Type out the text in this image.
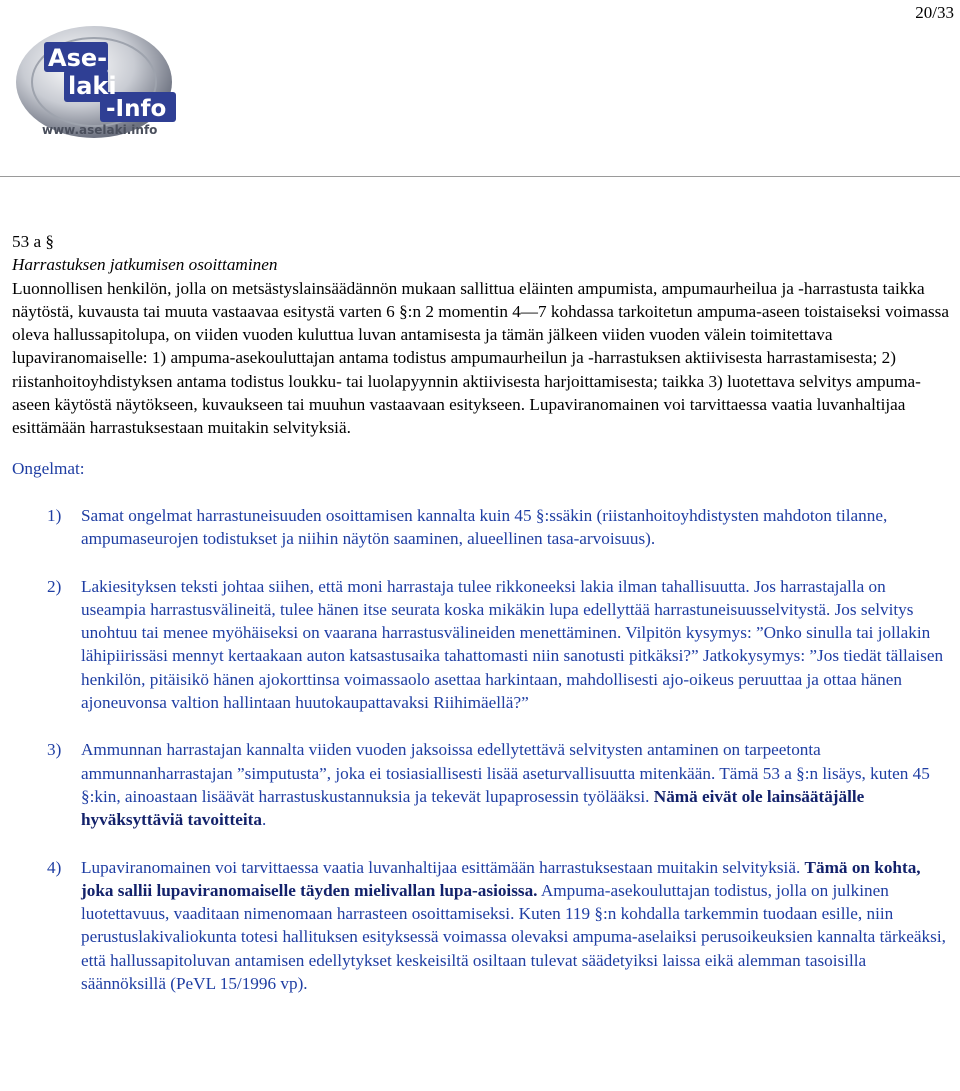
20/33
Ase-
laki
-Info
www.aselaki.info

53 a §

Harrastuksen jatkumisen osoittaminen

Luonnollisen henkilön, jolla on metsästyslainsäädännön mukaan sallittua eläinten ampumista, ampumaurheilua ja -harrastusta taikka näytöstä, kuvausta tai muuta vastaavaa esitystä varten 6 §:n 2 momentin 4—7 kohdassa tarkoitetun ampuma-aseen toistaiseksi voimassa oleva hallussapitolupa, on viiden vuoden kuluttua luvan antamisesta ja tämän jälkeen viiden vuoden välein toimitettava lupaviranomaiselle: 1) ampuma-asekouluttajan antama todistus ampumaurheilun ja -harrastuksen aktiivisesta harrastamisesta; 2) riistanhoitoyhdistyksen antama todistus loukku- tai luolapyynnin aktiivisesta harjoittamisesta; taikka 3) luotettava selvitys ampuma-aseen käytöstä näytökseen, kuvaukseen tai muuhun vastaavaan esitykseen. Lupaviranomainen voi tarvittaessa vaatia luvanhaltijaa esittämään harrastuksestaan muitakin selvityksiä.

Ongelmat:

1) Samat ongelmat harrastuneisuuden osoittamisen kannalta kuin 45 §:ssäkin (riistanhoitoyhdistysten mahdoton tilanne, ampumaseurojen todistukset ja niihin näytön saaminen, alueellinen tasa-arvoisuus).
2) Lakiesityksen teksti johtaa siihen, että moni harrastaja tulee rikkoneeksi lakia ilman tahallisuutta. Jos harrastajalla on useampia harrastusvälineitä, tulee hänen itse seurata koska mikäkin lupa edellyttää harrastuneisuusselvitystä. Jos selvitys unohtuu tai menee myöhäiseksi on vaarana harrastusvälineiden menettäminen. Vilpitön kysymys: ”Onko sinulla tai jollakin lähipiirissäsi mennyt kertaakaan auton katsastusaika tahattomasti niin sanotusti pitkäksi?” Jatkokysymys: ”Jos tiedät tällaisen henkilön, pitäisikö hänen ajokorttinsa voimassaolo asettaa harkintaan, mahdollisesti ajo-oikeus peruuttaa ja ottaa hänen ajoneuvonsa valtion hallintaan huutokaupattavaksi Riihimäellä?”
3) Ammunnan harrastajan kannalta viiden vuoden jaksoissa edellytettävä selvitysten antaminen on tarpeetonta ammunnanharrastajan ”simputusta”, joka ei tosiasiallisesti lisää aseturvallisuutta mitenkään. Tämä 53 a §:n lisäys, kuten 45 §:kin, ainoastaan lisäävät harrastuskustannuksia ja tekevät lupaprosessin työlääksi. Nämä eivät ole lainsäätäjälle hyväksyttäviä tavoitteita.
4) Lupaviranomainen voi tarvittaessa vaatia luvanhaltijaa esittämään harrastuksestaan muitakin selvityksiä. Tämä on kohta, joka sallii lupaviranomaiselle täyden mielivallan lupa-asioissa. Ampuma-asekouluttajan todistus, jolla on julkinen luotettavuus, vaaditaan nimenomaan harrasteen osoittamiseksi. Kuten 119 §:n kohdalla tarkemmin tuodaan esille, niin perustuslakivaliokunta totesi hallituksen esityksessä voimassa olevaksi ampuma-aselaiksi perusoikeuksien kannalta tärkeäksi, että hallussapitoluvan antamisen edellytykset keskeisiltä osiltaan tulevat säädetyiksi laissa eikä alemman tasoisilla säännöksillä (PeVL 15/1996 vp).
